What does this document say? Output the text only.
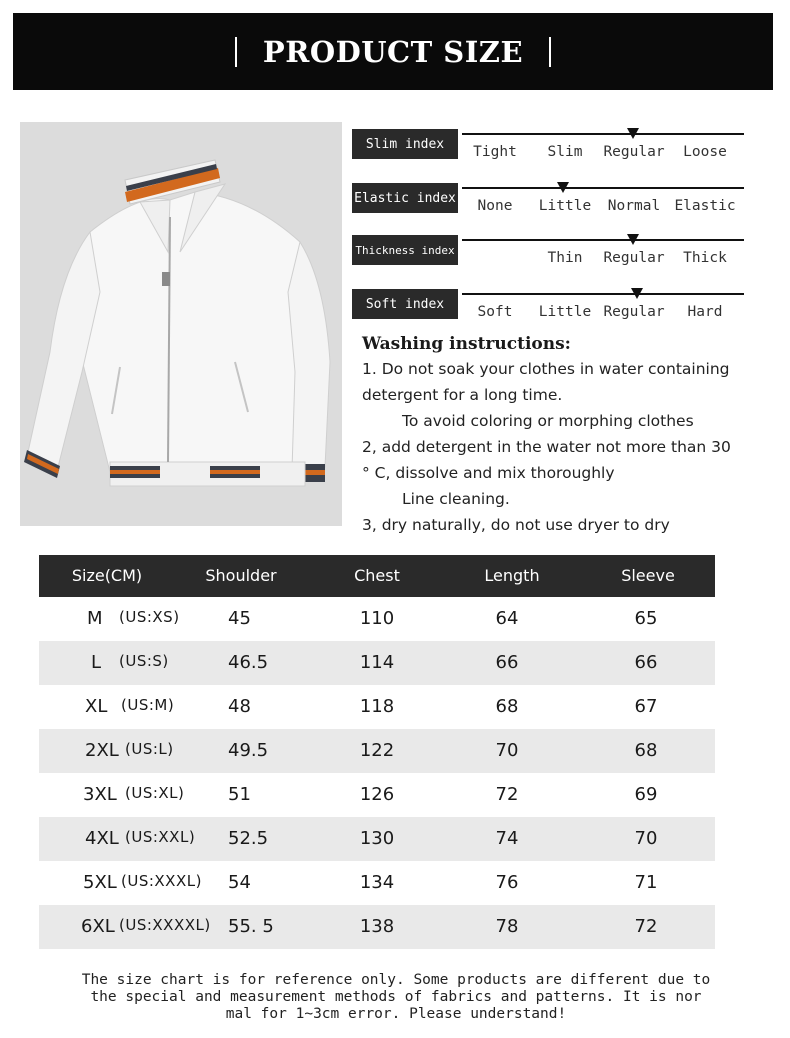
PRODUCT SIZE
Slim index	Tight Slim Regular Loose
Elastic index None Little Normal Elastic
Thickness index	Thin Regular Thick
Soft index	Soft Little Regular Hard
Washing instructions:
1. Do not soak your clothes in water containing
detergent for a long time.
To avoid coloring or morphing clothes
2, add detergent in the water not more than 30
° C, dissolve and mix thoroughly
Line cleaning.
3, dry naturally, do not use dryer to dry
Size(CM)	Shoulder	Chest	Length	Sleeve
M (US:XS)	45	110	64	65
L (US:S)	46.5	114	66	66
XL (US:M)	48	118	68	67
2XL (US:L)	49.5	122	70	68
3XL (US:XL) 51	126	72	69
4XL (US:XXL) 52.5	130	74	70
5XL (US:XXXL) 54	134	76	71
6XL (US:XXXXL) 55. 5	138	78	72
The size chart is for reference only. Some products are different due to
the special and measurement methods of fabrics and patterns. It is nor
mal for 1~3cm error. Please understand!
